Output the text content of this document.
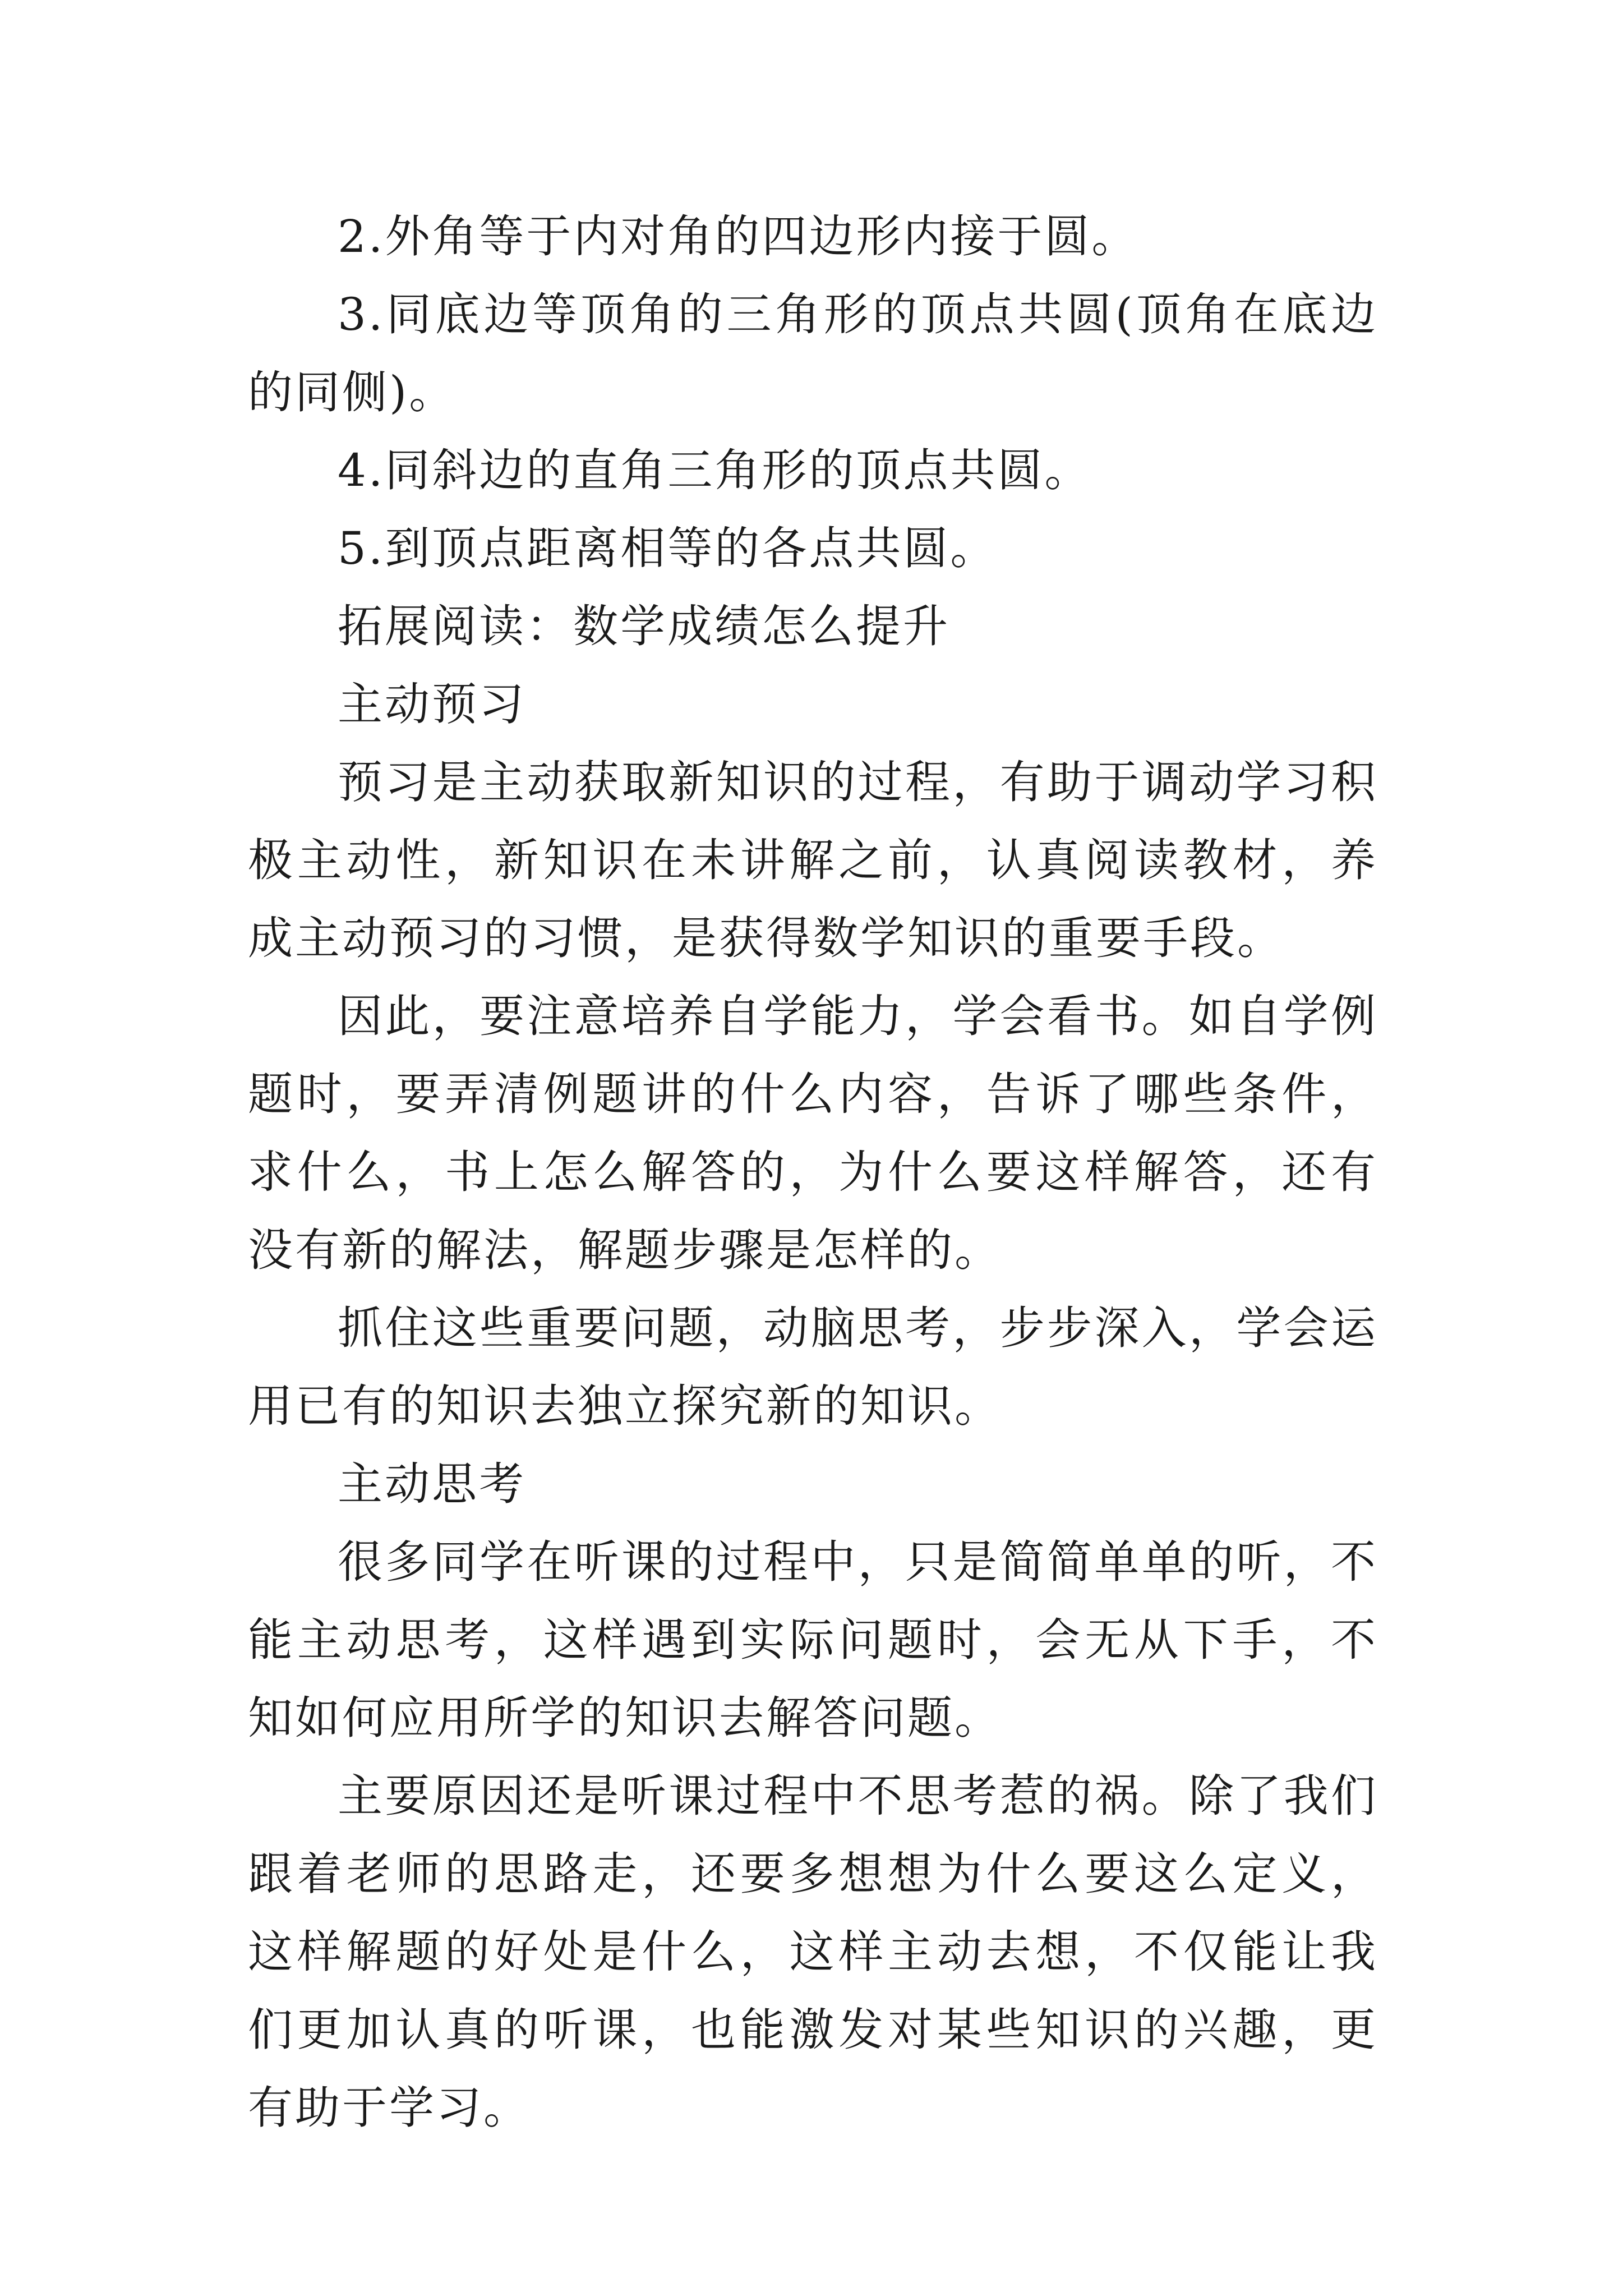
2.外角等于内对角的四边形内接于圆。

3.同底边等顶角的三角形的顶点共圆(顶角在底边的同侧)。

4.同斜边的直角三角形的顶点共圆。

5.到顶点距离相等的各点共圆。

拓展阅读：数学成绩怎么提升

主动预习

预习是主动获取新知识的过程，有助于调动学习积极主动性，新知识在未讲解之前，认真阅读教材，养成主动预习的习惯，是获得数学知识的重要手段。

因此，要注意培养自学能力，学会看书。如自学例题时，要弄清例题讲的什么内容，告诉了哪些条件，求什么，书上怎么解答的，为什么要这样解答，还有没有新的解法，解题步骤是怎样的。

抓住这些重要问题，动脑思考，步步深入，学会运用已有的知识去独立探究新的知识。

主动思考

很多同学在听课的过程中，只是简简单单的听，不能主动思考，这样遇到实际问题时，会无从下手，不知如何应用所学的知识去解答问题。

主要原因还是听课过程中不思考惹的祸。除了我们跟着老师的思路走，还要多想想为什么要这么定义，这样解题的好处是什么，这样主动去想，不仅能让我们更加认真的听课，也能激发对某些知识的兴趣，更有助于学习。
